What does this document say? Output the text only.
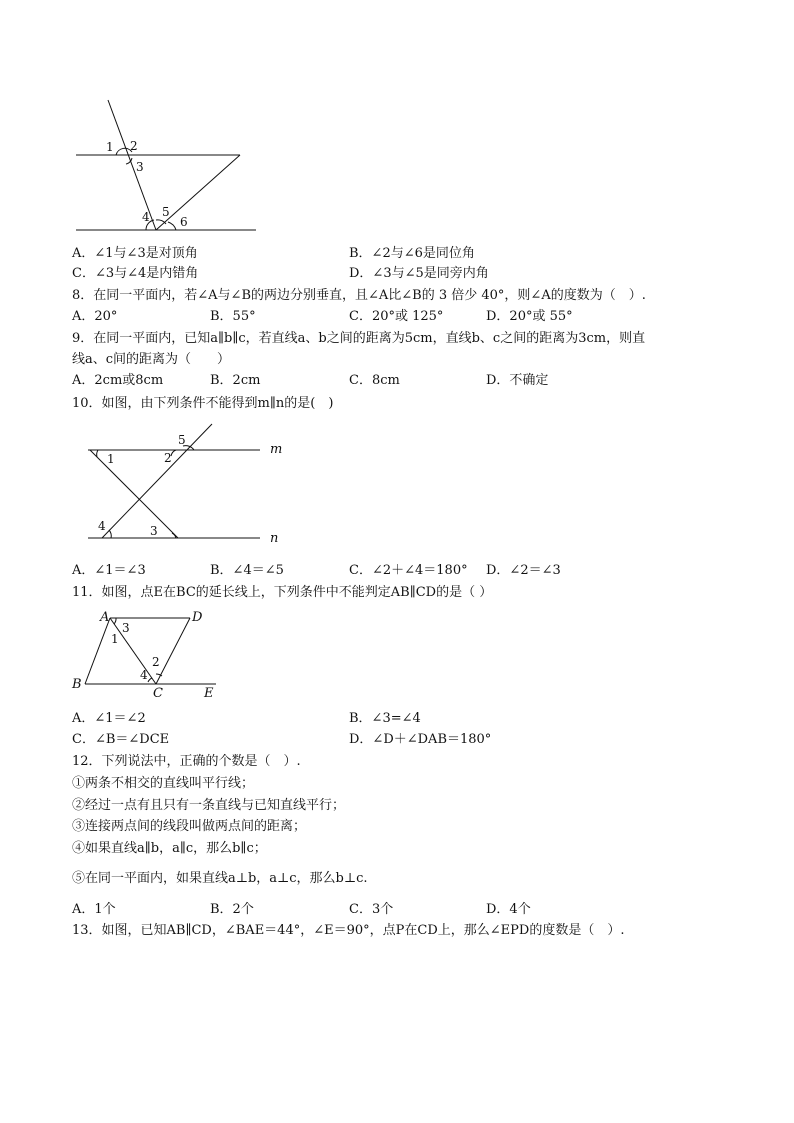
1 2
3
4 5
6
A．∠1与∠3是对顶角	B．∠2与∠6是同位角
C．∠3与∠4是内错角	D．∠3与∠5是同旁内角
8．在同一平面内，若∠A与∠B的两边分别垂直，且∠A比∠B的 3 倍少 40°，则∠A的度数为（　）.
A．20°	B．55°	C．20°或 125°	D．20°或 55°
9．在同一平面内，已知a∥b∥c，若直线a、b之间的距离为5cm，直线b、c之间的距离为3cm，则直
线a、c间的距离为（　　）
A．2cm或8cm	B．2cm	C．8cm	D．不确定
10．如图，由下列条件不能得到m∥n的是(　)
5
1	2
m
4	3	n
A．∠1＝∠3	B．∠4＝∠5	C．∠2＋∠4＝180° D．∠2＝∠3
11．如图，点E在BC的延长线上，下列条件中不能判定AB∥CD的是（ ）
A	D
3
1
2
4
B
C	E
A．∠1＝∠2	B．∠3=∠4
C．∠B＝∠DCE	D．∠D＋∠DAB＝180°
12．下列说法中，正确的个数是（　）.
①两条不相交的直线叫平行线；
②经过一点有且只有一条直线与已知直线平行；
③连接两点间的线段叫做两点间的距离；
④如果直线a∥b，a∥c，那么b∥c；
⑤在同一平面内，如果直线a⊥b，a⊥c，那么b⊥c.
A．1个	B．2个	C．3个	D．4个
13．如图，已知AB∥CD，∠BAE＝44°，∠E＝90°，点P在CD上，那么∠EPD的度数是（　）.
